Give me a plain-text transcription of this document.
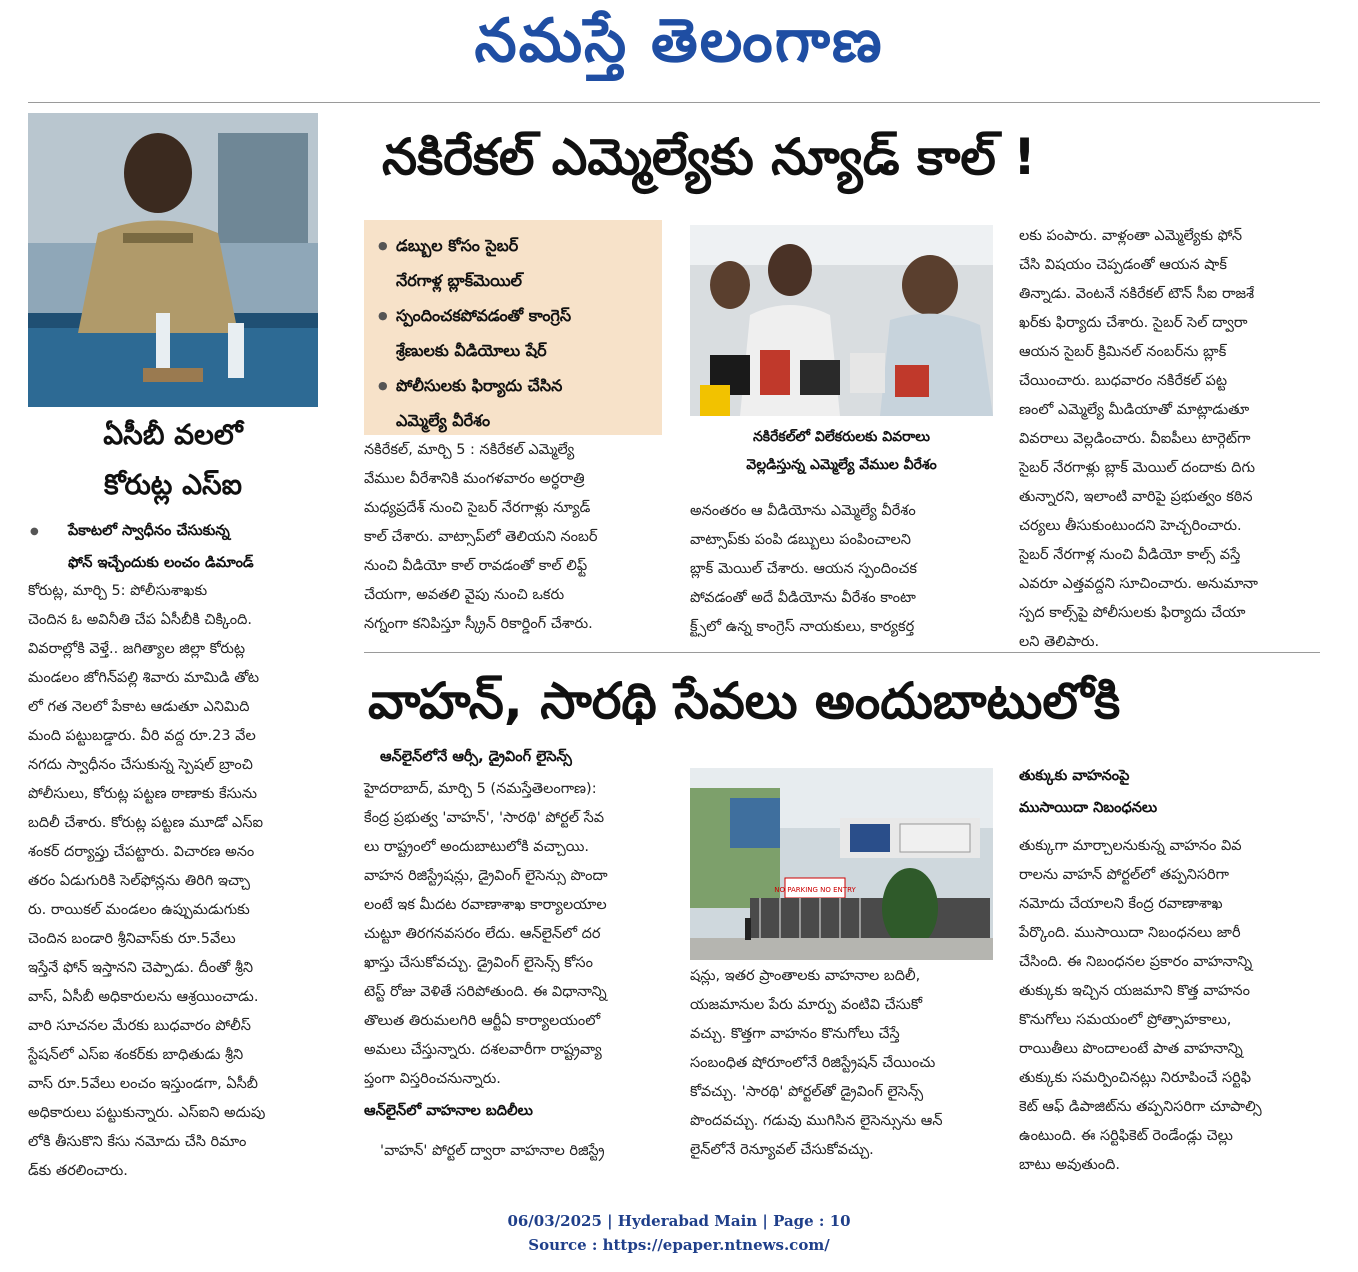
నమస్తే తెలంగాణ
ఏసీబీ వలలో
కోరుట్ల ఎస్ఐ
● పేకాటలో స్వాధీనం చేసుకున్న
ఫోన్ ఇచ్చేందుకు లంచం డిమాండ్

కోరుట్ల, మార్చి 5: పోలీసుశాఖకు

చెందిన ఓ అవినీతి చేప ఏసీబీకి చిక్కింది.

వివరాల్లోకి వెళ్తే.. జగిత్యాల జిల్లా కోరుట్ల

మండలం జోగిన్‌పల్లి శివారు మామిడి తోట

లో గత నెలలో పేకాట ఆడుతూ ఎనిమిది

మంది పట్టుబడ్డారు. వీరి వద్ద రూ.23 వేల

నగదు స్వాధీనం చేసుకున్న స్పెషల్ బ్రాంచి

పోలీసులు, కోరుట్ల పట్టణ ఠాణాకు కేసును

బదిలీ చేశారు. కోరుట్ల పట్టణ మూడో ఎస్ఐ

శంకర్ దర్యాప్తు చేపట్టారు. విచారణ అనం

తరం ఏడుగురికి సెల్‌ఫోన్లను తిరిగి ఇచ్చా

రు. రాయికల్ మండలం ఉప్పుమడుగుకు

చెందిన బండారి శ్రీనివాస్‌కు రూ.5వేలు

ఇస్తేనే ఫోన్ ఇస్తానని చెప్పాడు. దీంతో శ్రీని

వాస్, ఏసీబీ అధికారులను ఆశ్రయించాడు.

వారి సూచనల మేరకు బుధవారం పోలీస్

స్టేషన్‌లో ఎస్ఐ శంకర్‌కు బాధితుడు శ్రీని

వాస్ రూ.5వేలు లంచం ఇస్తుండగా, ఏసీబీ

అధికారులు పట్టుకున్నారు. ఎస్ఐని అదుపు

లోకి తీసుకొని కేసు నమోదు చేసి రిమాం

డ్‌కు తరలించారు.

నకిరేకల్ ఎమ్మెల్యేకు న్యూడ్ కాల్ !
● డబ్బుల కోసం సైబర్
నేరగాళ్ల బ్లాక్‌మెయిల్
● స్పందించకపోవడంతో కాంగ్రెస్
శ్రేణులకు వీడియోలు షేర్
● పోలీసులకు ఫిర్యాదు చేసిన
ఎమ్మెల్యే వీరేశం
నకిరేకల్‌లో విలేకరులకు వివరాలు
వెల్లడిస్తున్న ఎమ్మెల్యే వేముల వీరేశం

నకిరేకల్, మార్చి 5 : నకిరేకల్ ఎమ్మెల్యే

వేముల వీరేశానికి మంగళవారం అర్ధరాత్రి

మధ్యప్రదేశ్ నుంచి సైబర్ నేరగాళ్లు న్యూడ్

కాల్ చేశారు. వాట్సాప్‌లో తెలియని నంబర్

నుంచి వీడియో కాల్ రావడంతో కాల్ లిఫ్ట్

చేయగా, అవతలి వైపు నుంచి ఒకరు

నగ్నంగా కనిపిస్తూ స్క్రీన్ రికార్డింగ్ చేశారు.

అనంతరం ఆ వీడియోను ఎమ్మెల్యే వీరేశం

వాట్సాప్‌కు పంపి డబ్బులు పంపించాలని

బ్లాక్ మెయిల్ చేశారు. ఆయన స్పందించక

పోవడంతో అదే వీడియోను వీరేశం కాంటా

క్ట్స్‌లో ఉన్న కాంగ్రెస్ నాయకులు, కార్యకర్త

లకు పంపారు. వాళ్లంతా ఎమ్మెల్యేకు ఫోన్

చేసి విషయం చెప్పడంతో ఆయన షాక్

తిన్నాడు. వెంటనే నకిరేకల్ టౌన్ సీఐ రాజశే

ఖర్‌కు ఫిర్యాదు చేశారు. సైబర్ సెల్ ద్వారా

ఆయన సైబర్ క్రిమినల్ నంబర్‌ను బ్లాక్

చేయించారు. బుధవారం నకిరేకల్ పట్ట

ణంలో ఎమ్మెల్యే మీడియాతో మాట్లాడుతూ

వివరాలు వెల్లడించారు. వీఐపీలు టార్గెట్‌గా

సైబర్ నేరగాళ్లు బ్లాక్ మెయిల్ దందాకు దిగు

తున్నారని, ఇలాంటి వారిపై ప్రభుత్వం కఠిన

చర్యలు తీసుకుంటుందని హెచ్చరించారు.

సైబర్ నేరగాళ్ల నుంచి వీడియో కాల్స్ వస్తే

ఎవరూ ఎత్తవద్దని సూచించారు. అనుమానా

స్పద కాల్స్‌పై పోలీసులకు ఫిర్యాదు చేయా

లని తెలిపారు.

వాహన్, సారథి సేవలు అందుబాటులోకి
ఆన్‌లైన్‌లోనే ఆర్సీ, డ్రైవింగ్ లైసెన్స్

హైదరాబాద్, మార్చి 5 (నమస్తేతెలంగాణ):

కేంద్ర ప్రభుత్వ 'వాహన్', 'సారథి' పోర్టల్ సేవ

లు రాష్ట్రంలో అందుబాటులోకి వచ్చాయి.

వాహన రిజిస్ట్రేషన్లు, డ్రైవింగ్ లైసెన్సు పొందా

లంటే ఇక మీదట రవాణాశాఖ కార్యాలయాల

చుట్టూ తిరగనవసరం లేదు. ఆన్‌లైన్‌లో దర

ఖాస్తు చేసుకోవచ్చు. డ్రైవింగ్ లైసెన్స్ కోసం

టెస్ట్ రోజు వెళితే సరిపోతుంది. ఈ విధానాన్ని

తొలుత తిరుమలగిరి ఆర్టీఏ కార్యాలయంలో

అమలు చేస్తున్నారు. దశలవారీగా రాష్ట్రవ్యా

ప్తంగా విస్తరించనున్నారు.

ఆన్‌లైన్‌లో వాహనాల బదిలీలు
'వాహన్' పోర్టల్ ద్వారా వాహనాల రిజిస్ట్రే
NO PARKING NO ENTRY

షన్లు, ఇతర ప్రాంతాలకు వాహనాల బదిలీ,

యజమానుల పేరు మార్పు వంటివి చేసుకో

వచ్చు. కొత్తగా వాహనం కొనుగోలు చేస్తే

సంబంధిత షోరూంలోనే రిజిస్ట్రేషన్ చేయించు

కోవచ్చు. 'సారథి' పోర్టల్‌తో డ్రైవింగ్ లైసెన్స్

పొందవచ్చు. గడువు ముగిసిన లైసెన్సును ఆన్

లైన్‌లోనే రెన్యూవల్ చేసుకోవచ్చు.

తుక్కుకు వాహనంపై
ముసాయిదా నిబంధనలు

తుక్కుగా మార్చాలనుకున్న వాహనం వివ

రాలను వాహన్ పోర్టల్‌లో తప్పనిసరిగా

నమోదు చేయాలని కేంద్ర రవాణాశాఖ

పేర్కొంది. ముసాయిదా నిబంధనలు జారీ

చేసింది. ఈ నిబంధనల ప్రకారం వాహనాన్ని

తుక్కుకు ఇచ్చిన యజమాని కొత్త వాహనం

కొనుగోలు సమయంలో ప్రోత్సాహకాలు,

రాయితీలు పొందాలంటే పాత వాహనాన్ని

తుక్కుకు సమర్పించినట్లు నిరూపించే సర్టిఫి

కెట్ ఆఫ్ డిపాజిట్‌ను తప్పనిసరిగా చూపాల్సి

ఉంటుంది. ఈ సర్టిఫికెట్ రెండేండ్లు చెల్లు

బాటు అవుతుంది.

06/03/2025 | Hyderabad Main | Page : 10
Source : https://epaper.ntnews.com/
